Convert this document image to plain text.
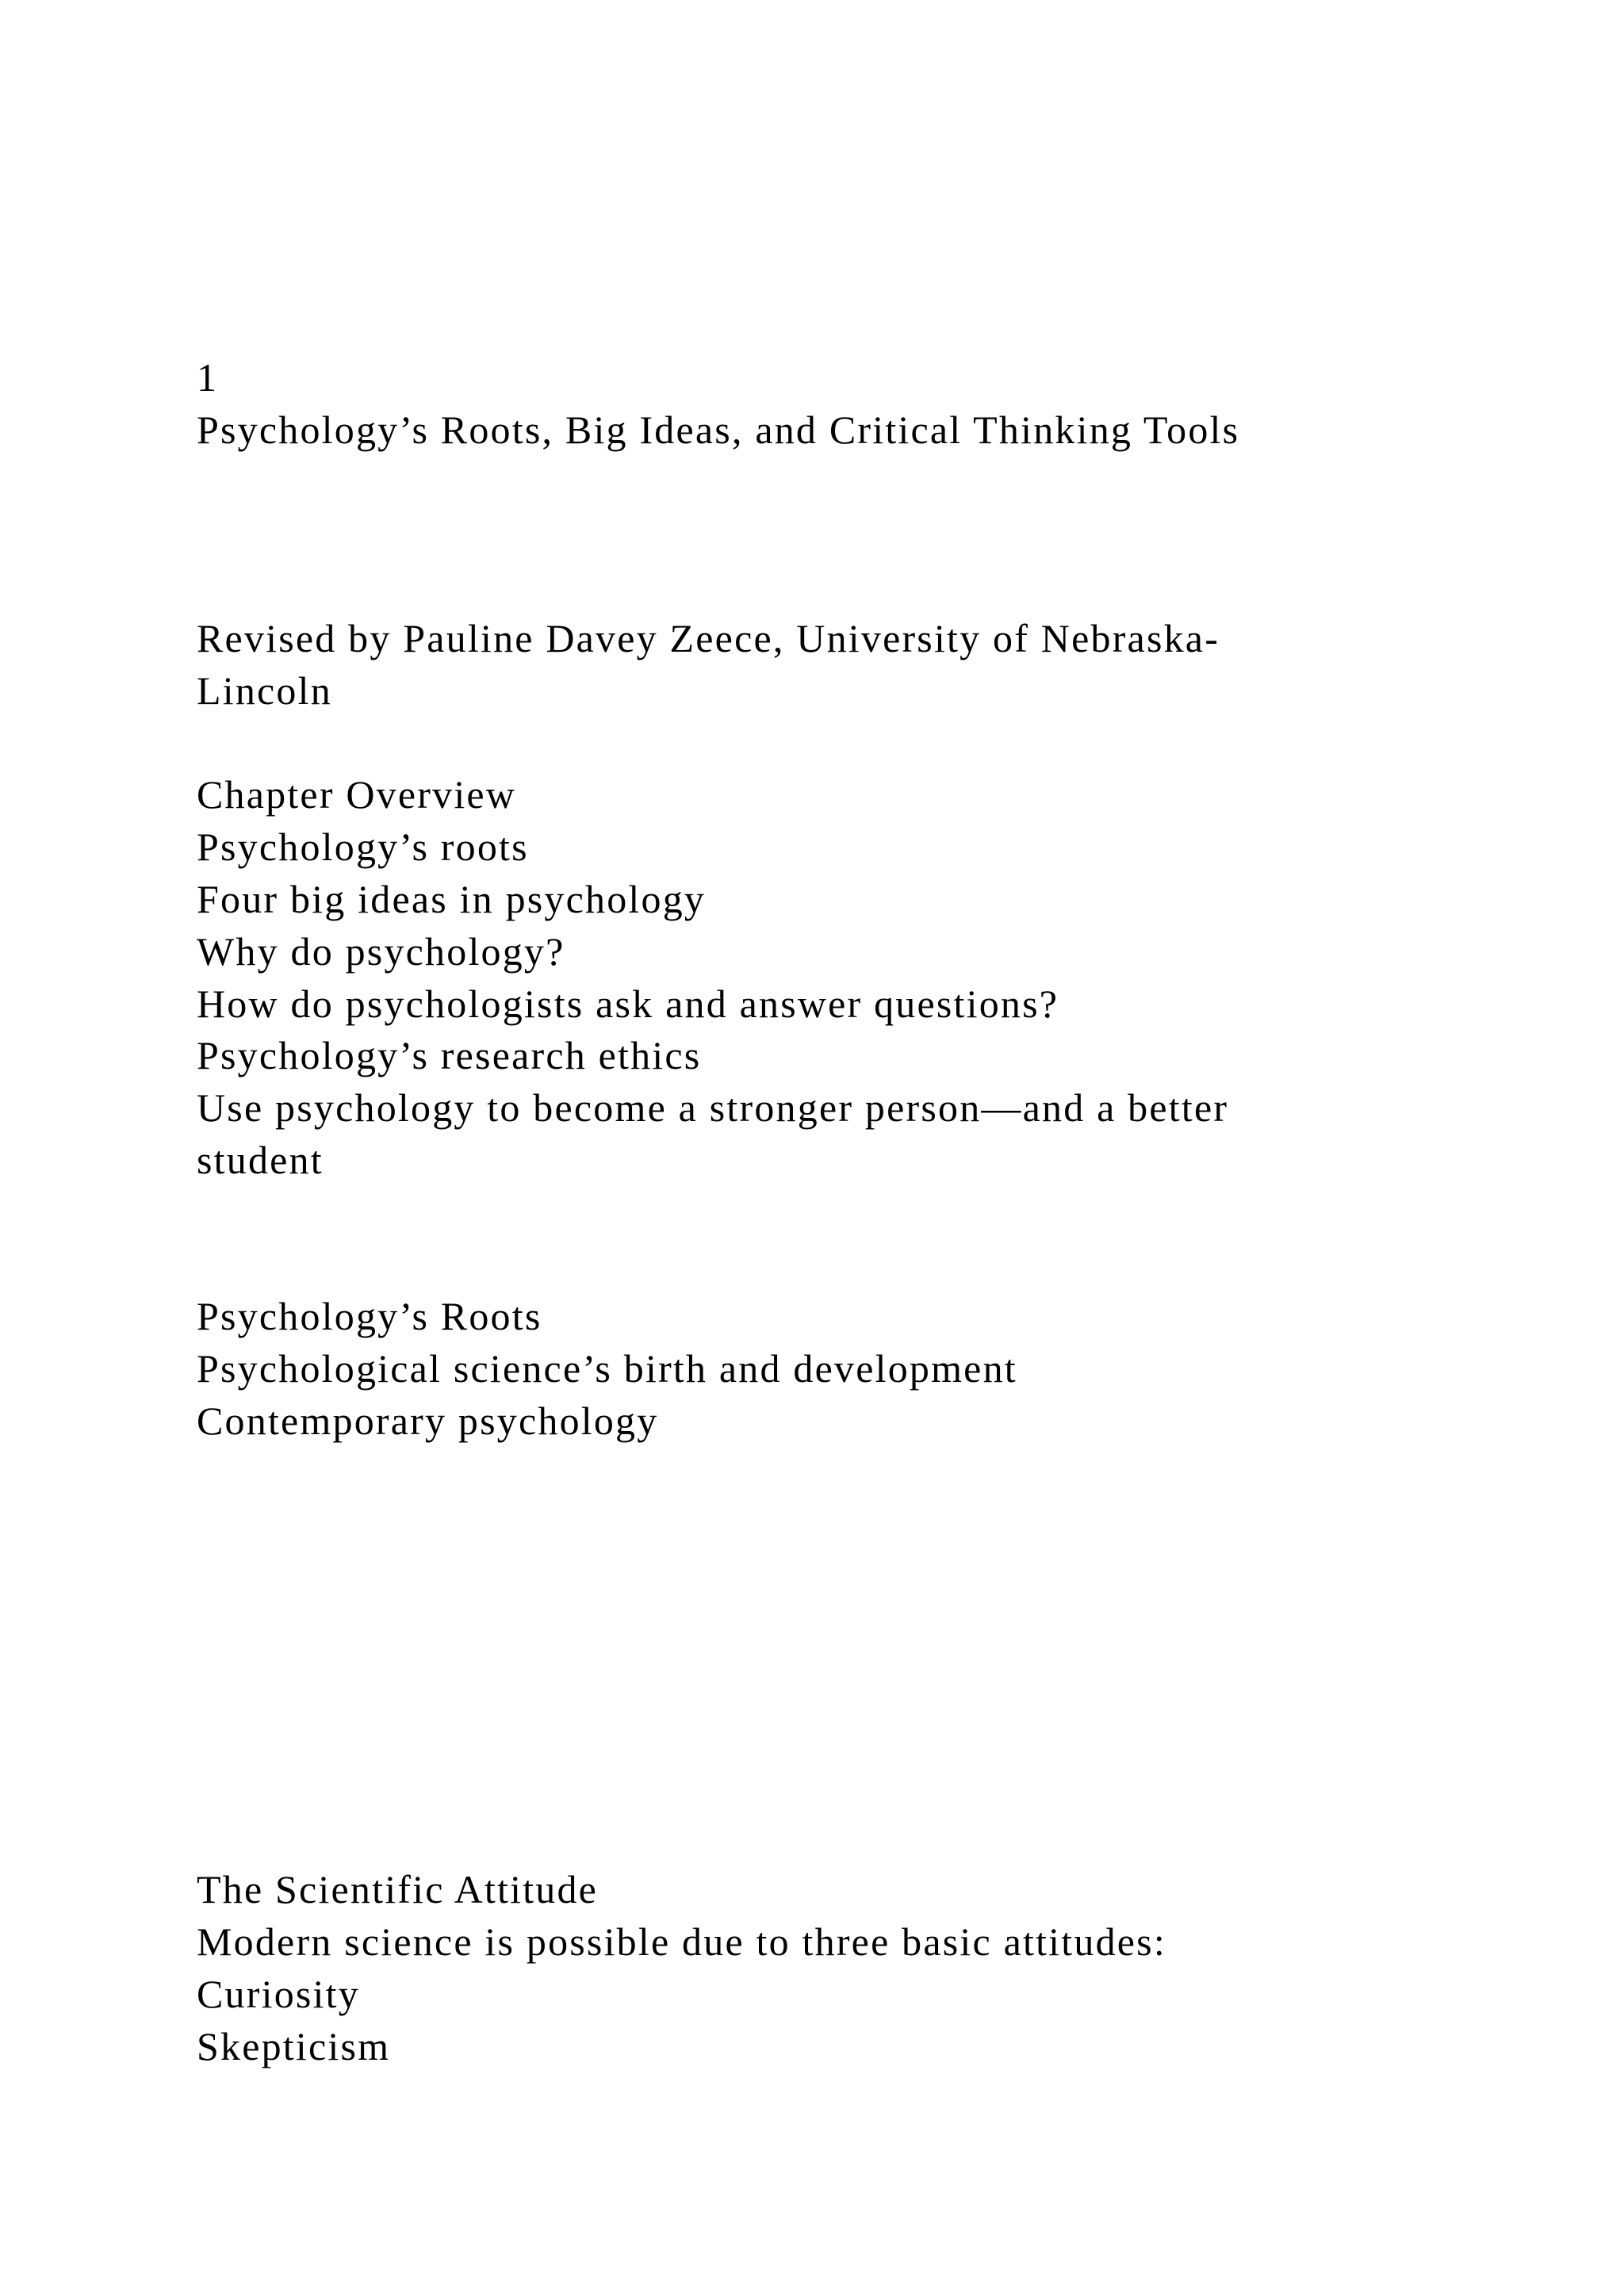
1
Psychology’s Roots, Big Ideas, and Critical Thinking Tools
Revised by Pauline Davey Zeece, University of Nebraska-
Lincoln
Chapter Overview
Psychology’s roots
Four big ideas in psychology
Why do psychology?
How do psychologists ask and answer questions?
Psychology’s research ethics
Use psychology to become a stronger person—and a better
student
Psychology’s Roots
Psychological science’s birth and development
Contemporary psychology
The Scientific Attitude
Modern science is possible due to three basic attitudes:
Curiosity
Skepticism
